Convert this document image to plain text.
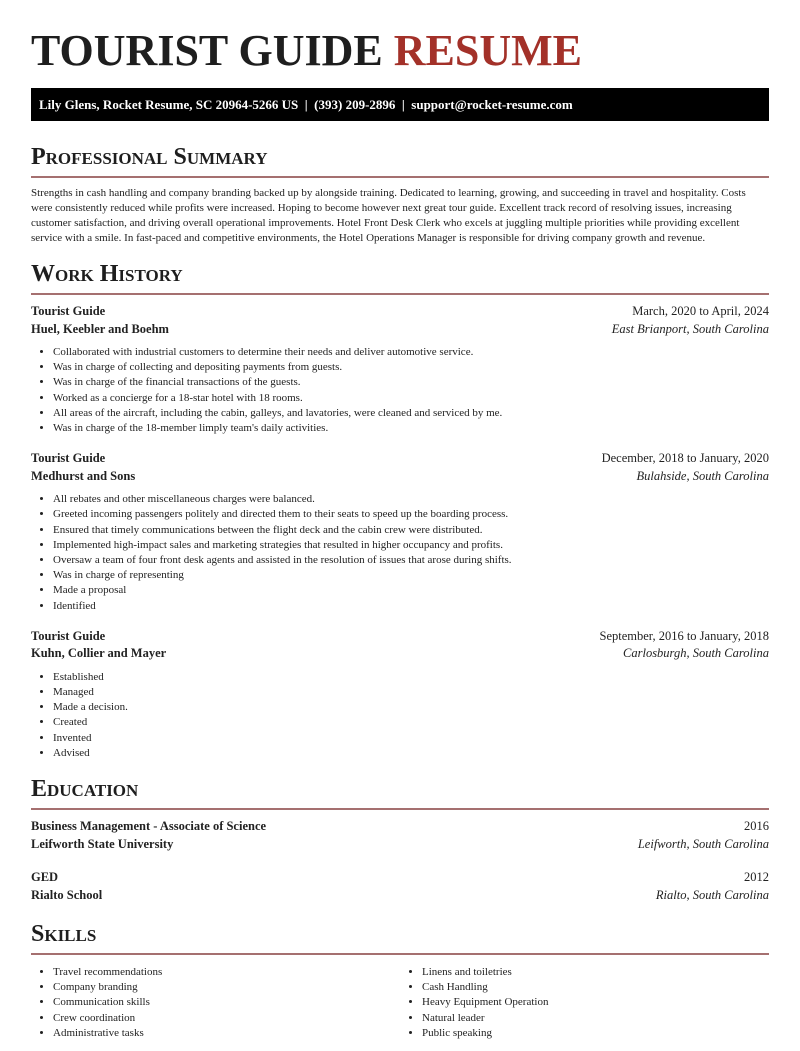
TOURIST GUIDE RESUME
Lily Glens, Rocket Resume, SC 20964-5266 US | (393) 209-2896 | support@rocket-resume.com
Professional Summary

Strengths in cash handling and company branding backed up by alongside training. Dedicated to learning, growing, and succeeding in travel and hospitality. Costs were consistently reduced while profits were increased. Hoping to become however next great tour guide. Excellent track record of resolving issues, increasing customer satisfaction, and driving overall operational improvements. Hotel Front Desk Clerk who excels at juggling multiple priorities while providing excellent service with a smile. In fast-paced and competitive environments, the Hotel Operations Manager is responsible for driving company growth and revenue.

Work History
Tourist Guide	March, 2020 to April, 2024
Huel, Keebler and Boehm	East Brianport, South Carolina
• Collaborated with industrial customers to determine their needs and deliver automotive service.
• Was in charge of collecting and depositing payments from guests.
• Was in charge of the financial transactions of the guests.
• Worked as a concierge for a 18-star hotel with 18 rooms.
• All areas of the aircraft, including the cabin, galleys, and lavatories, were cleaned and serviced by me.
• Was in charge of the 18-member limply team's daily activities.
Tourist Guide	December, 2018 to January, 2020
Medhurst and Sons	Bulahside, South Carolina
• All rebates and other miscellaneous charges were balanced.
• Greeted incoming passengers politely and directed them to their seats to speed up the boarding process.
• Ensured that timely communications between the flight deck and the cabin crew were distributed.
• Implemented high-impact sales and marketing strategies that resulted in higher occupancy and profits.
• Oversaw a team of four front desk agents and assisted in the resolution of issues that arose during shifts.
• Was in charge of representing
• Made a proposal
• Identified
Tourist Guide	September, 2016 to January, 2018
Kuhn, Collier and Mayer	Carlosburgh, South Carolina
• Established
• Managed
• Made a decision.
• Created
• Invented
• Advised
Education
Business Management - Associate of Science	2016
Leifworth State University	Leifworth, South Carolina
GED	2012
Rialto School	Rialto, South Carolina
Skills
• Travel recommendations
• Company branding
• Communication skills
• Crew coordination
• Administrative tasks
• Linens and toiletries
• Cash Handling
• Heavy Equipment Operation
• Natural leader
• Public speaking
